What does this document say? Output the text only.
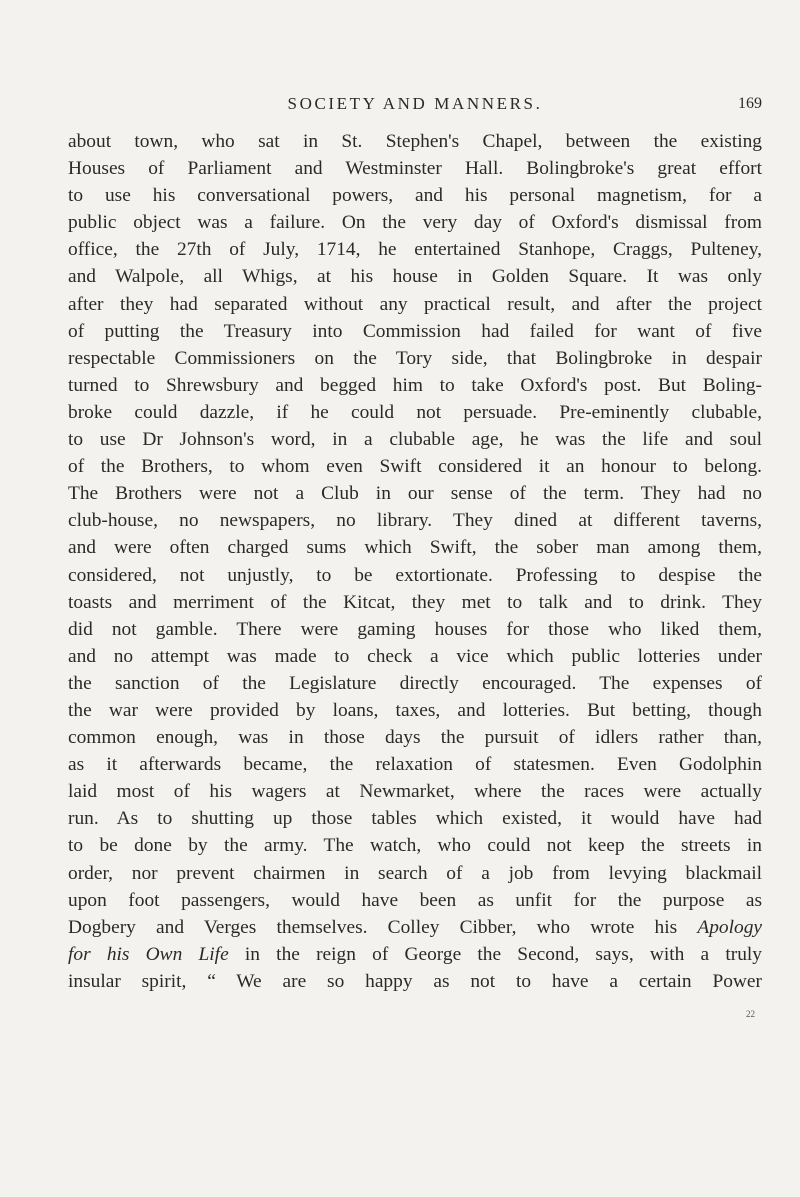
SOCIETY AND MANNERS.	169
about town, who sat in St. Stephen's Chapel, between the existing
Houses of Parliament and Westminster Hall. Bolingbroke's great effort
to use his conversational powers, and his personal magnetism, for a
public object was a failure. On the very day of Oxford's dismissal from
office, the 27th of July, 1714, he entertained Stanhope, Craggs, Pulteney,
and Walpole, all Whigs, at his house in Golden Square. It was only
after they had separated without any practical result, and after the project
of putting the Treasury into Commission had failed for want of five
respectable Commissioners on the Tory side, that Bolingbroke in despair
turned to Shrewsbury and begged him to take Oxford's post. But Boling-
broke could dazzle, if he could not persuade. Pre-eminently clubable,
to use Dr Johnson's word, in a clubable age, he was the life and soul
of the Brothers, to whom even Swift considered it an honour to belong.
The Brothers were not a Club in our sense of the term. They had no
club-house, no newspapers, no library. They dined at different taverns,
and were often charged sums which Swift, the sober man among them,
considered, not unjustly, to be extortionate. Professing to despise the
toasts and merriment of the Kitcat, they met to talk and to drink. They
did not gamble. There were gaming houses for those who liked them,
and no attempt was made to check a vice which public lotteries under
the sanction of the Legislature directly encouraged. The expenses of
the war were provided by loans, taxes, and lotteries. But betting, though
common enough, was in those days the pursuit of idlers rather than,
as it afterwards became, the relaxation of statesmen. Even Godolphin
laid most of his wagers at Newmarket, where the races were actually
run. As to shutting up those tables which existed, it would have had
to be done by the army. The watch, who could not keep the streets in
order, nor prevent chairmen in search of a job from levying blackmail
upon foot passengers, would have been as unfit for the purpose as
Dogbery and Verges themselves. Colley Cibber, who wrote his Apology
for his Own Life in the reign of George the Second, says, with a truly
insular spirit, “ We are so happy as not to have a certain Power
22
